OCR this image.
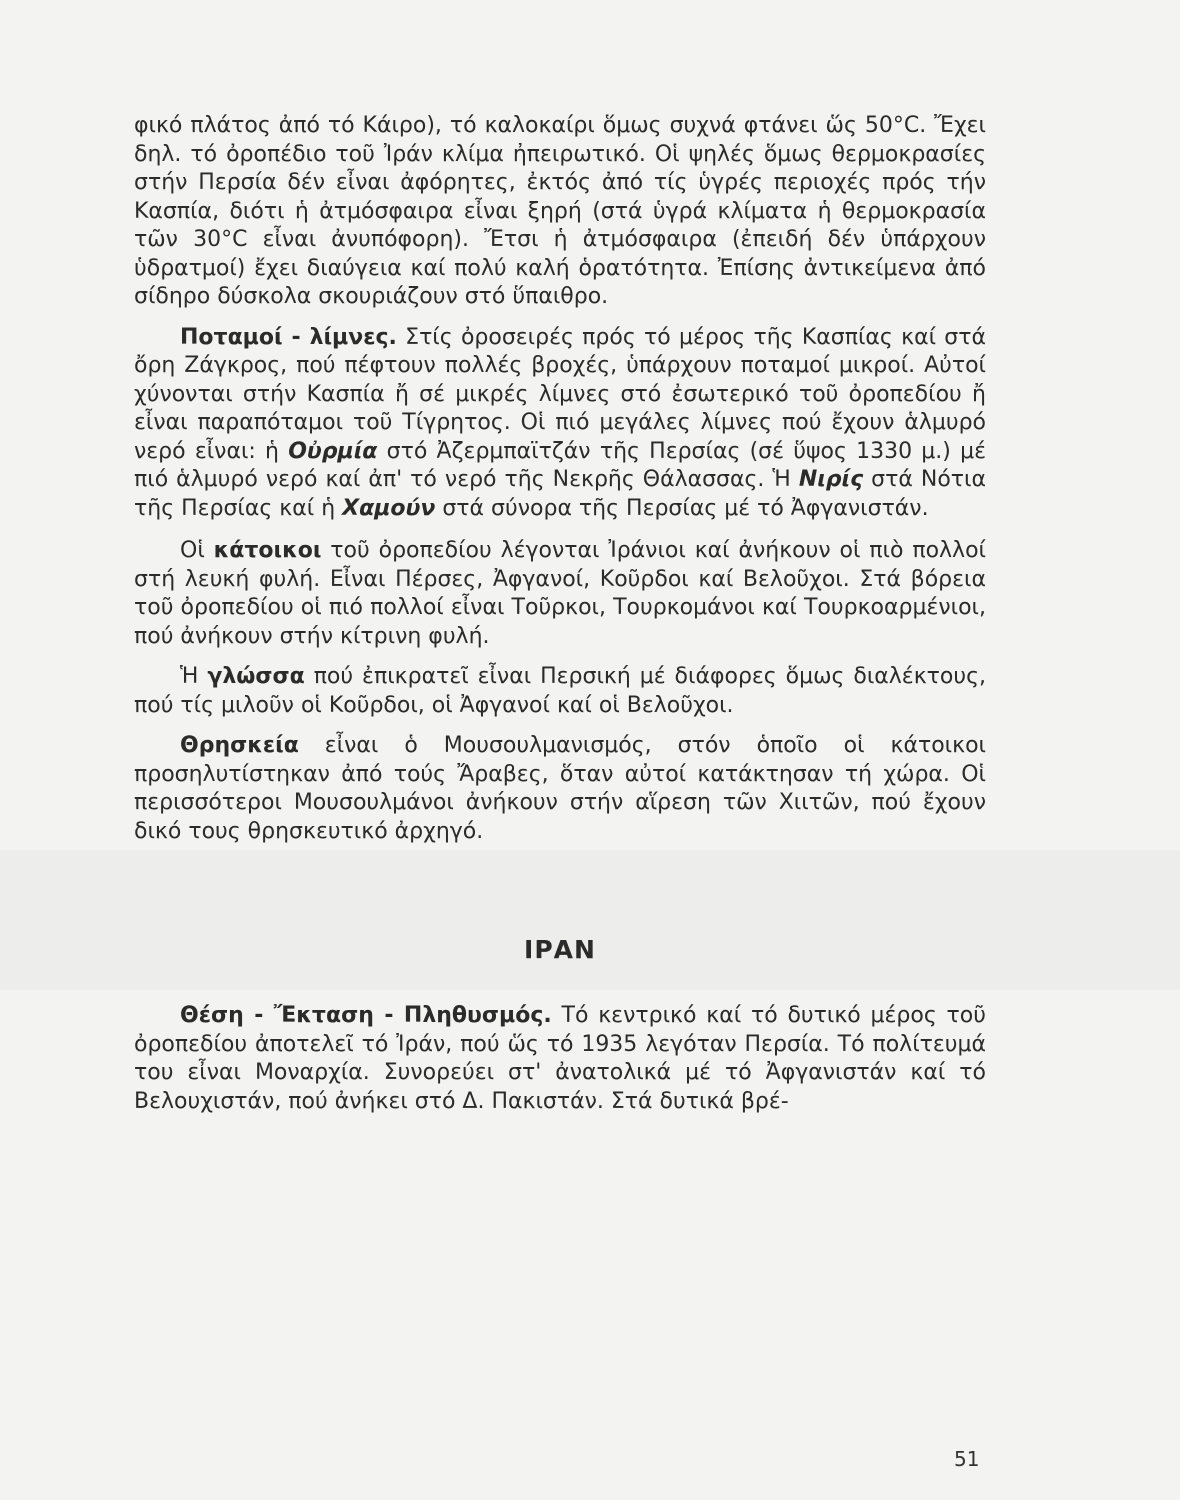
φικό πλάτος ἀπό τό Κάιρο), τό καλοκαίρι ὅμως συχνά φτάνει ὥς 50°C. Ἔχει δηλ. τό ὀροπέδιο τοῦ Ἰράν κλίμα ἠπειρωτικό. Οἱ ψηλές ὅμως θερμοκρασίες στήν Περσία δέν εἶναι ἀφόρητες, ἐκτός ἀπό τίς ὑγρές περιοχές πρός τήν Κασπία, διότι ἡ ἀτμόσφαιρα εἶναι ξηρή (στά ὑγρά κλίματα ἡ θερμοκρασία τῶν 30°C εἶναι ἀνυπόφορη). Ἔτσι ἡ ἀτμόσφαιρα (ἐπειδή δέν ὑπάρχουν ὑδρατμοί) ἔχει διαύγεια καί πολύ καλή ὁρατότητα. Ἐπίσης ἀντικείμενα ἀπό σίδηρο δύσκολα σκουριάζουν στό ὕπαιθρο.

Ποταμοί - λίμνες. Στίς ὀροσειρές πρός τό μέρος τῆς Κασπίας καί στά ὄρη Ζάγκρος, πού πέφτουν πολλές βροχές, ὑπάρχουν ποταμοί μικροί. Αὐτοί χύνονται στήν Κασπία ἤ σέ μικρές λίμνες στό ἐσωτερικό τοῦ ὀροπεδίου ἤ εἶναι παραπόταμοι τοῦ Τίγρητος. Οἱ πιό μεγάλες λίμνες πού ἔχουν ἁλμυρό νερό εἶναι: ἡ Οὐρμία στό Ἀζερμπαϊτζάν τῆς Περσίας (σέ ὕψος 1330 μ.) μέ πιό ἁλμυρό νερό καί ἀπ' τό νερό τῆς Νεκρῆς Θάλασσας. Ἡ Νιρίς στά Νότια τῆς Περσίας καί ἡ Χαμούν στά σύνορα τῆς Περσίας μέ τό Ἀφγανιστάν.

Οἱ κάτοικοι τοῦ ὀροπεδίου λέγονται Ἰράνιοι καί ἀνήκουν οἱ πιὸ πολλοί στή λευκή φυλή. Εἶναι Πέρσες, Ἀφγανοί, Κοῦρδοι καί Βελοῦχοι. Στά βόρεια τοῦ ὀροπεδίου οἱ πιό πολλοί εἶναι Τοῦρκοι, Τουρκομάνοι καί Τουρκοαρμένιοι, πού ἀνήκουν στήν κίτρινη φυλή.

Ἡ γλώσσα πού ἐπικρατεῖ εἶναι Περσική μέ διάφορες ὅμως διαλέκτους, πού τίς μιλοῦν οἱ Κοῦρδοι, οἱ Ἀφγανοί καί οἱ Βελοῦχοι.

Θρησκεία εἶναι ὁ Μουσουλμανισμός, στόν ὁποῖο οἱ κάτοικοι προσηλυτίστηκαν ἀπό τούς Ἄραβες, ὅταν αὐτοί κατάκτησαν τή χώρα. Οἱ περισσότεροι Μουσουλμάνοι ἀνήκουν στήν αἵρεση τῶν Χιιτῶν, πού ἔχουν δικό τους θρησκευτικό ἀρχηγό.

ΙΡΑΝ

Θέση - Ἔκταση - Πληθυσμός. Τό κεντρικό καί τό δυτικό μέρος τοῦ ὀροπεδίου ἀποτελεῖ τό Ἰράν, πού ὥς τό 1935 λεγόταν Περσία. Τό πολίτευμά του εἶναι Μοναρχία. Συνορεύει στ' ἀνατολικά μέ τό Ἀφγανιστάν καί τό Βελουχιστάν, πού ἀνήκει στό Δ. Πακιστάν. Στά δυτικά βρέ-

51
